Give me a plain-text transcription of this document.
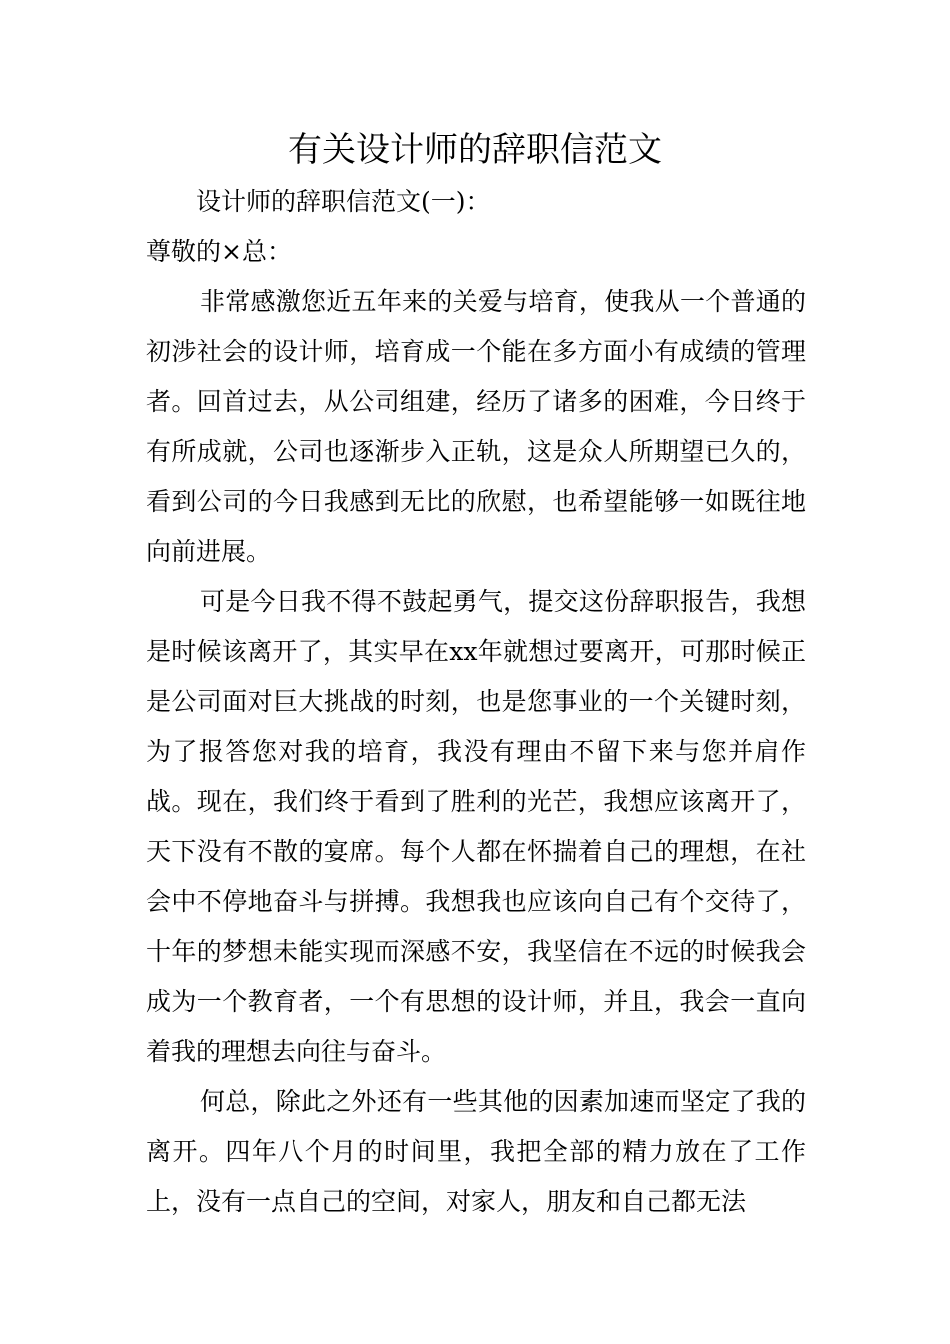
有关设计师的辞职信范文

设计师的辞职信范文(一)：

尊敬的×总：

非常感激您近五年来的关爱与培育，使我从一个普通的初涉社会的设计师，培育成一个能在多方面小有成绩的管理者。回首过去，从公司组建，经历了诸多的困难，今日终于有所成就，公司也逐渐步入正轨，这是众人所期望已久的，看到公司的今日我感到无比的欣慰，也希望能够一如既往地向前进展。

可是今日我不得不鼓起勇气，提交这份辞职报告，我想是时候该离开了，其实早在xx年就想过要离开，可那时候正是公司面对巨大挑战的时刻，也是您事业的一个关键时刻，为了报答您对我的培育，我没有理由不留下来与您并肩作战。现在，我们终于看到了胜利的光芒，我想应该离开了，天下没有不散的宴席。每个人都在怀揣着自己的理想，在社会中不停地奋斗与拼搏。我想我也应该向自己有个交待了，十年的梦想未能实现而深感不安，我坚信在不远的时候我会成为一个教育者，一个有思想的设计师，并且，我会一直向着我的理想去向往与奋斗。

何总，除此之外还有一些其他的因素加速而坚定了我的离开。四年八个月的时间里，我把全部的精力放在了工作上，没有一点自己的空间，对家人，朋友和自己都无法
